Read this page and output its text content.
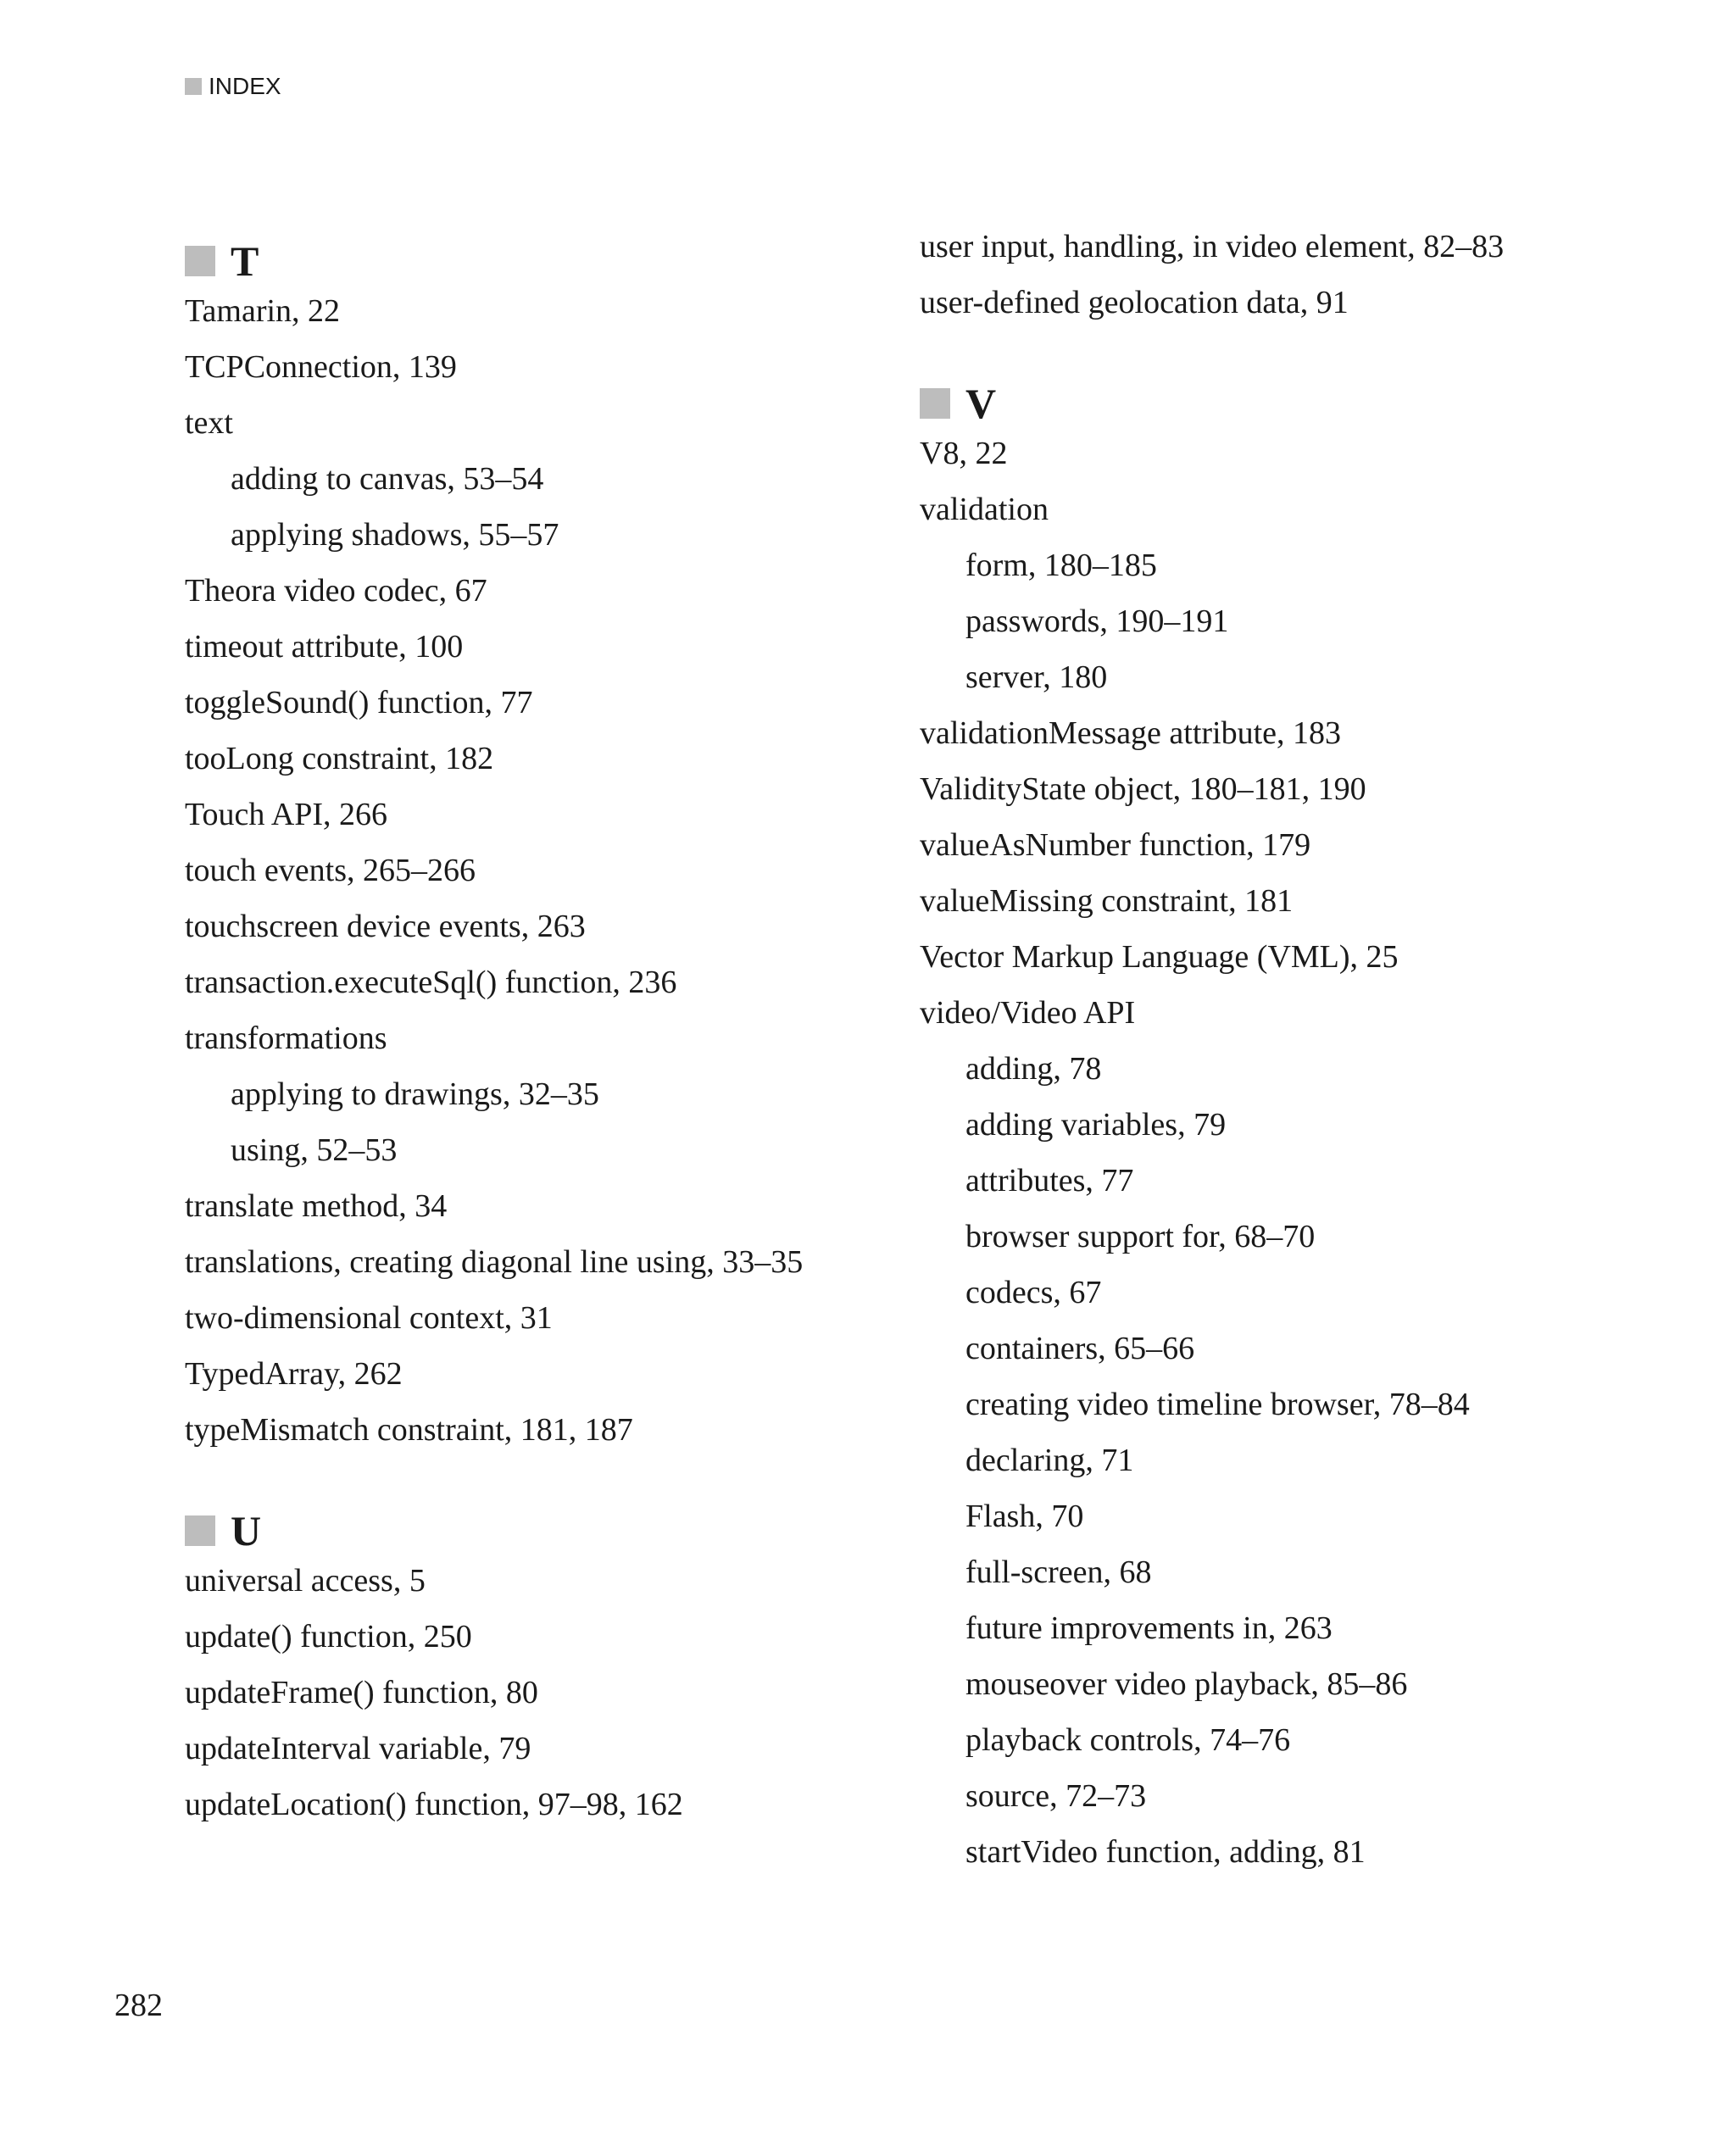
INDEX
T
Tamarin, 22
TCPConnection, 139
text
adding to canvas, 53–54
applying shadows, 55–57
Theora video codec, 67
timeout attribute, 100
toggleSound() function, 77
tooLong constraint, 182
Touch API, 266
touch events, 265–266
touchscreen device events, 263
transaction.executeSql() function, 236
transformations
applying to drawings, 32–35
using, 52–53
translate method, 34
translations, creating diagonal line using, 33–35
two-dimensional context, 31
TypedArray, 262
typeMismatch constraint, 181, 187
U
universal access, 5
update() function, 250
updateFrame() function, 80
updateInterval variable, 79
updateLocation() function, 97–98, 162
user input, handling, in video element, 82–83
user-defined geolocation data, 91
V
V8, 22
validation
form, 180–185
passwords, 190–191
server, 180
validationMessage attribute, 183
ValidityState object, 180–181, 190
valueAsNumber function, 179
valueMissing constraint, 181
Vector Markup Language (VML), 25
video/Video API
adding, 78
adding variables, 79
attributes, 77
browser support for, 68–70
codecs, 67
containers, 65–66
creating video timeline browser, 78–84
declaring, 71
Flash, 70
full-screen, 68
future improvements in, 263
mouseover video playback, 85–86
playback controls, 74–76
source, 72–73
startVideo function, adding, 81
282
